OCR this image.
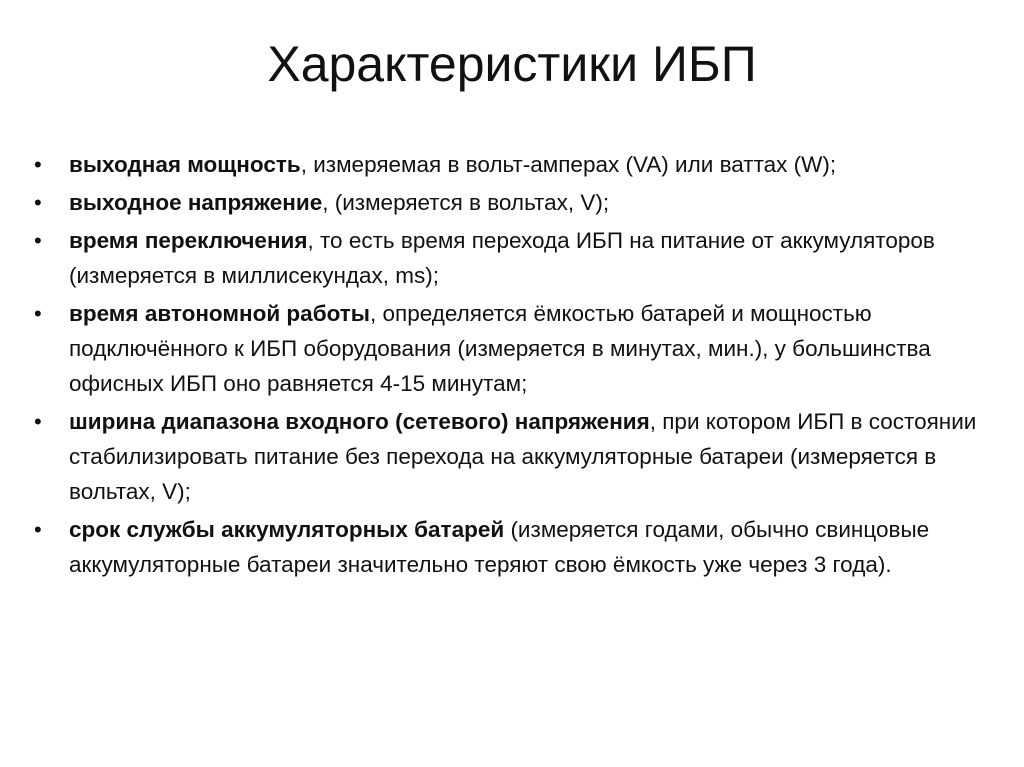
Характеристики ИБП
• выходная мощность, измеряемая в вольт-амперах (VA) или ваттах (W);
• выходное напряжение, (измеряется в вольтах, V);
• время переключения, то есть время перехода ИБП на питание от аккумуляторов (измеряется в миллисекундах, ms);
• время автономной работы, определяется ёмкостью батарей и мощностью подключённого к ИБП оборудования (измеряется в минутах, мин.), у большинства офисных ИБП оно равняется 4-15 минутам;
• ширина диапазона входного (сетевого) напряжения, при котором ИБП в состоянии стабилизировать питание без перехода на аккумуляторные батареи (измеряется в вольтах, V);
• срок службы аккумуляторных батарей (измеряется годами, обычно свинцовые аккумуляторные батареи значительно теряют свою ёмкость уже через 3 года).
